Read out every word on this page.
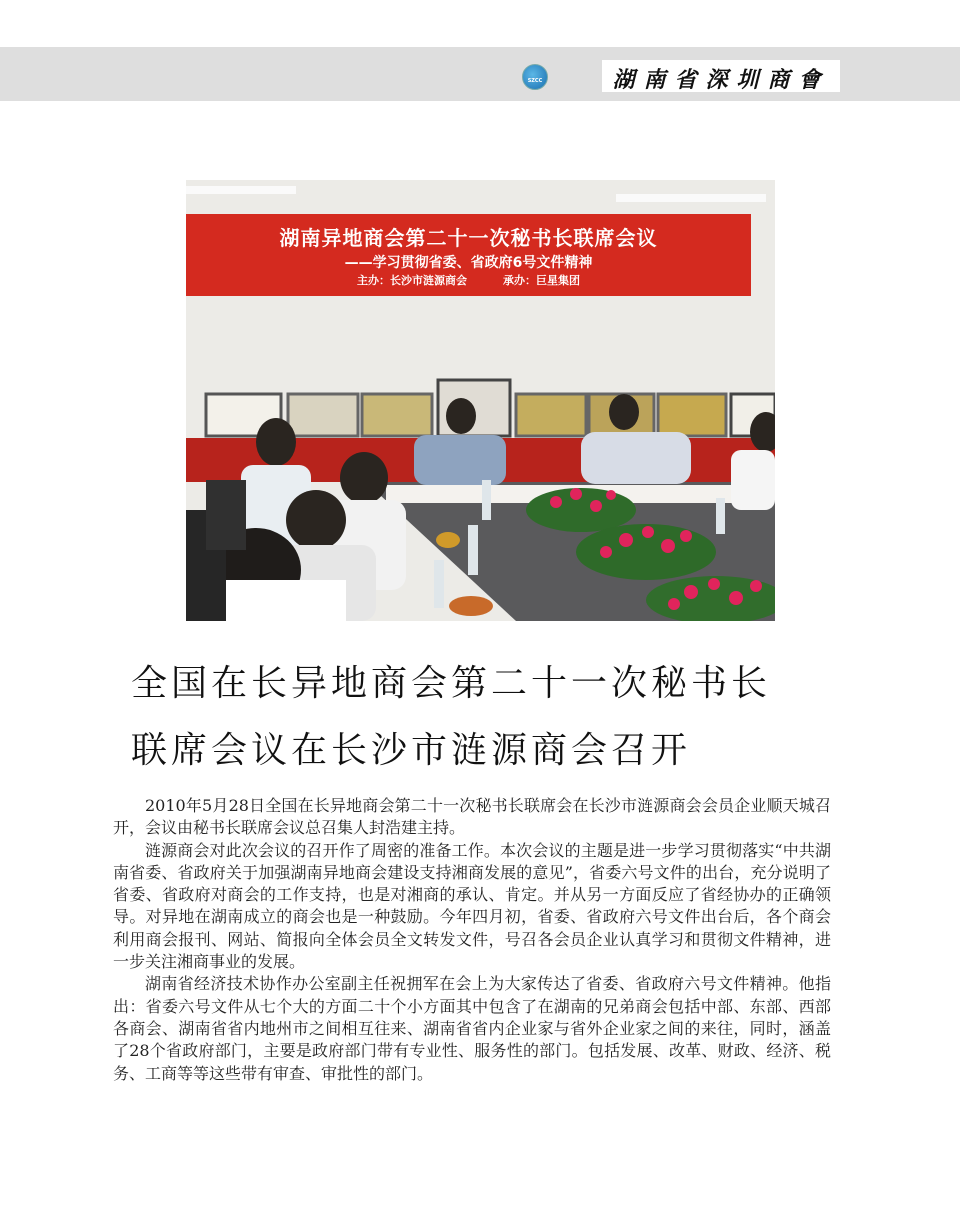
SZCC	湖南省深圳商會
湖南异地商会第二十一次秘书长联席会议
——学习贯彻省委、省政府6号文件精神
主办：长沙市涟源商会	承办：巨星集团
全国在长异地商会第二十一次秘书长
联席会议在长沙市涟源商会召开

2010年5月28日全国在长异地商会第二十一次秘书长联席会在长沙市涟源商会会员企业顺天城召开，会议由秘书长联席会议总召集人封浩建主持。

涟源商会对此次会议的召开作了周密的准备工作。本次会议的主题是进一步学习贯彻落实“中共湖南省委、省政府关于加强湖南异地商会建设支持湘商发展的意见”，省委六号文件的出台，充分说明了省委、省政府对商会的工作支持，也是对湘商的承认、肯定。并从另一方面反应了省经协办的正确领导。对异地在湖南成立的商会也是一种鼓励。今年四月初，省委、省政府六号文件出台后，各个商会利用商会报刊、网站、简报向全体会员全文转发文件，号召各会员企业认真学习和贯彻文件精神，进一步关注湘商事业的发展。

湖南省经济技术协作办公室副主任祝拥军在会上为大家传达了省委、省政府六号文件精神。他指出：省委六号文件从七个大的方面二十个小方面其中包含了在湖南的兄弟商会包括中部、东部、西部各商会、湖南省省内地州市之间相互往来、湖南省省内企业家与省外企业家之间的来往，同时，涵盖了28个省政府部门，主要是政府部门带有专业性、服务性的部门。包括发展、改革、财政、经济、税务、工商等等这些带有审查、审批性的部门。
